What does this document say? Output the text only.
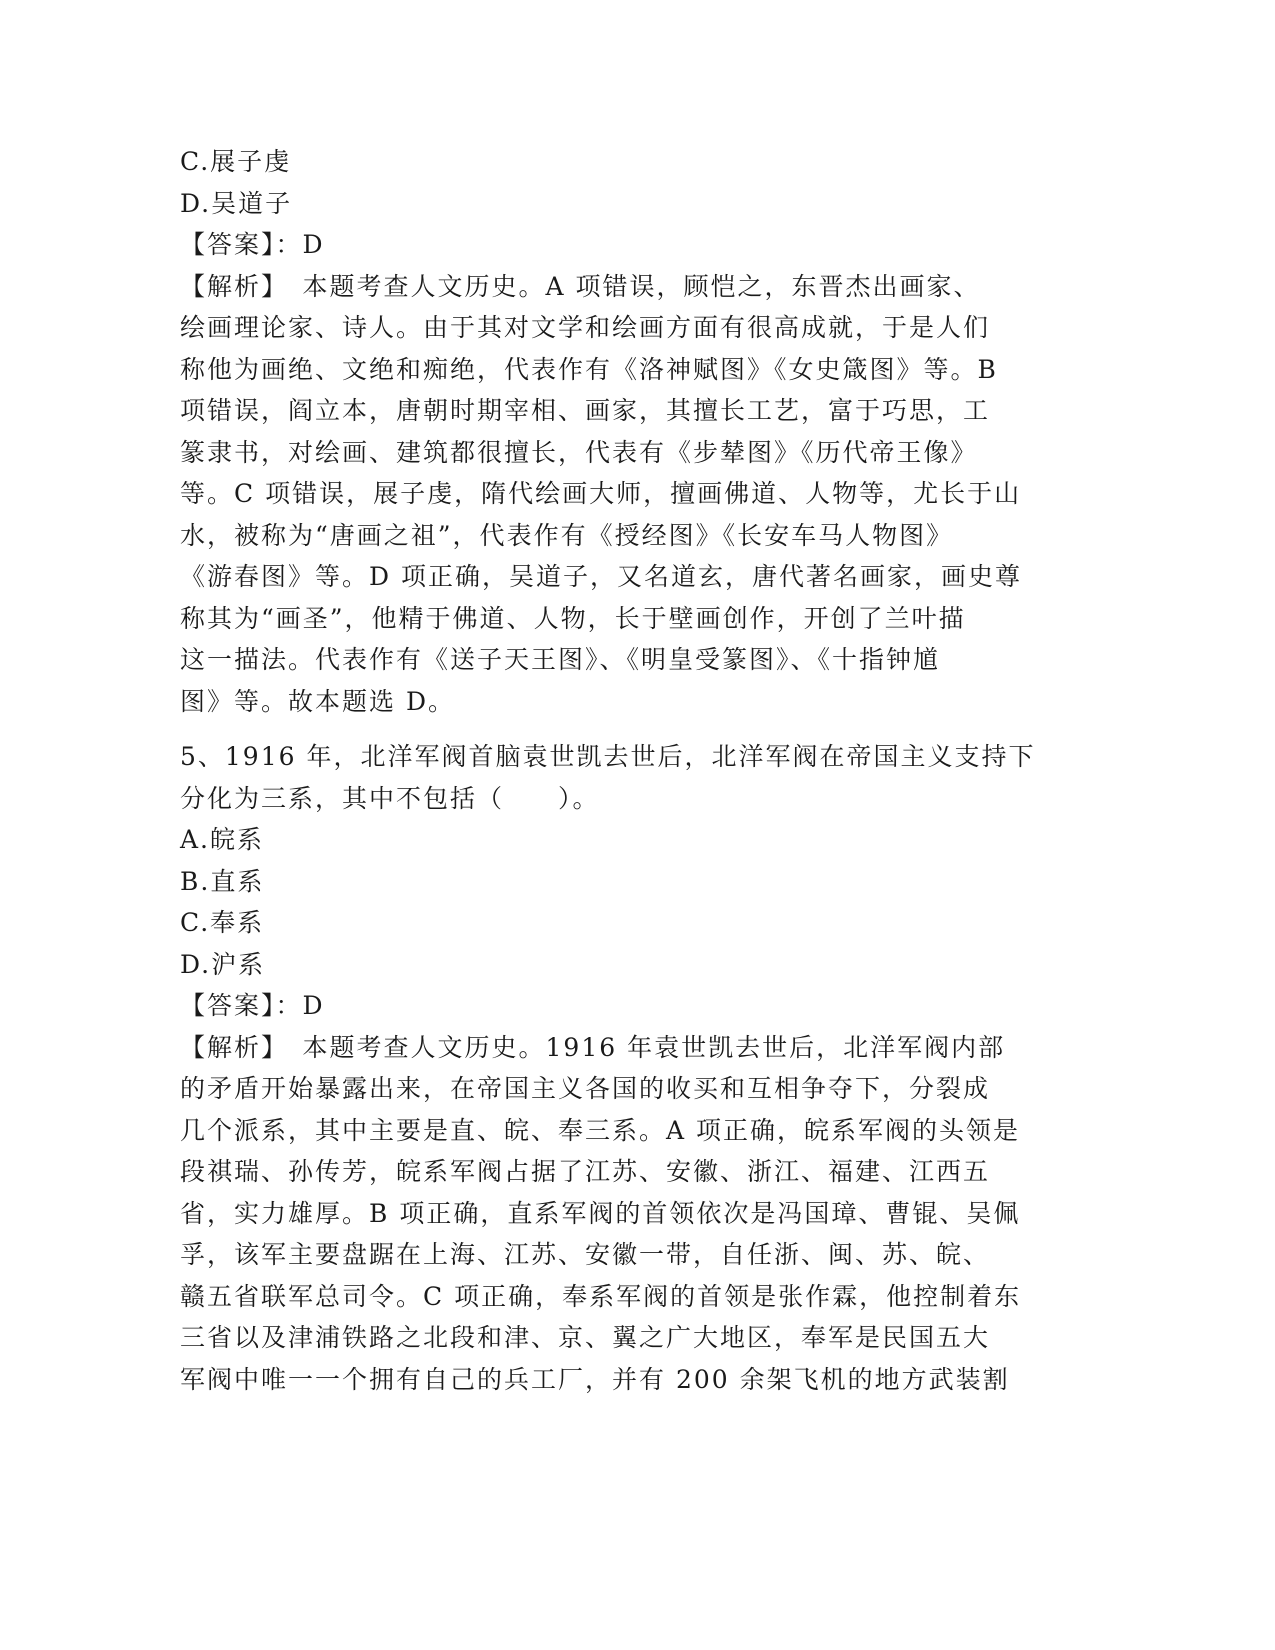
C.展子虔
D.吴道子
【答案】：D
【解析】　本题考查人文历史。A 项错误，顾恺之，东晋杰出画家、
绘画理论家、诗人。由于其对文学和绘画方面有很高成就，于是人们
称他为画绝、文绝和痴绝，代表作有《洛神赋图》《女史箴图》等。B
项错误，阎立本，唐朝时期宰相、画家，其擅长工艺，富于巧思，工
篆隶书，对绘画、建筑都很擅长，代表有《步辇图》《历代帝王像》
等。C 项错误，展子虔，隋代绘画大师，擅画佛道、人物等，尤长于山
水，被称为“唐画之祖”，代表作有《授经图》《长安车马人物图》
《游春图》等。D 项正确，吴道子，又名道玄，唐代著名画家，画史尊
称其为“画圣”，他精于佛道、人物，长于壁画创作，开创了兰叶描
这一描法。代表作有《送子天王图》、《明皇受篆图》、《十指钟馗
图》等。故本题选 D。
5、1916 年，北洋军阀首脑袁世凯去世后，北洋军阀在帝国主义支持下
分化为三系，其中不包括（　　）。
A.皖系
B.直系
C.奉系
D.沪系
【答案】：D
【解析】　本题考查人文历史。1916 年袁世凯去世后，北洋军阀内部
的矛盾开始暴露出来，在帝国主义各国的收买和互相争夺下，分裂成
几个派系，其中主要是直、皖、奉三系。A 项正确，皖系军阀的头领是
段祺瑞、孙传芳，皖系军阀占据了江苏、安徽、浙江、福建、江西五
省，实力雄厚。B 项正确，直系军阀的首领依次是冯国璋、曹锟、吴佩
孚，该军主要盘踞在上海、江苏、安徽一带，自任浙、闽、苏、皖、
赣五省联军总司令。C 项正确，奉系军阀的首领是张作霖，他控制着东
三省以及津浦铁路之北段和津、京、翼之广大地区，奉军是民国五大
军阀中唯一一个拥有自己的兵工厂，并有 200 余架飞机的地方武装割
